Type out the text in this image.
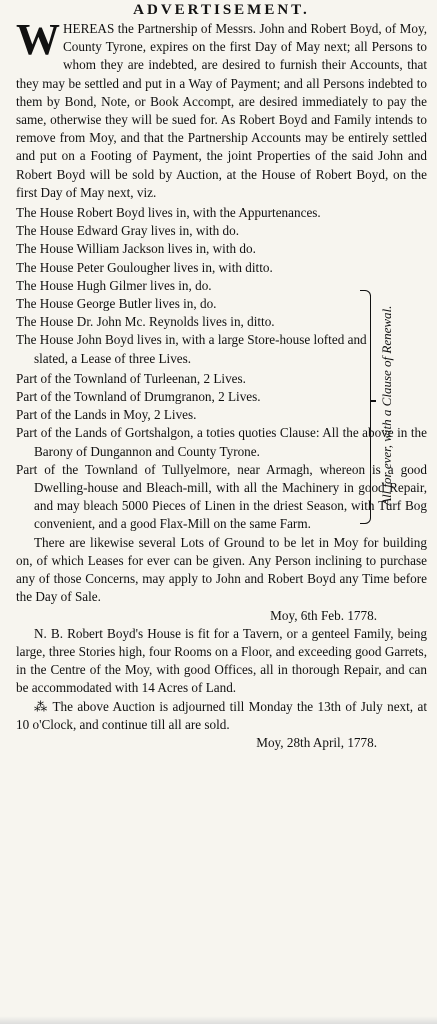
ADVERTISEMENT.

WHEREAS the Partnership of Messrs. John and Robert Boyd, of Moy, County Tyrone, expires on the first Day of May next; all Persons to whom they are indebted, are desired to furnish their Accounts, that they may be settled and put in a Way of Payment; and all Persons indebted to them by Bond, Note, or Book Accompt, are desired immediately to pay the same, otherwise they will be sued for. As Robert Boyd and Family intends to remove from Moy, and that the Partnership Accounts may be entirely settled and put on a Footing of Payment, the joint Properties of the said John and Robert Boyd will be sold by Auction, at the House of Robert Boyd, on the first Day of May next, viz.

The House Robert Boyd lives in, with the Appurtenances.

The House Edward Gray lives in, with do.

The House William Jackson lives in, with do.

The House Peter Goulougher lives in, with ditto.

The House Hugh Gilmer lives in, do.

The House George Butler lives in, do.

The House Dr. John Mc. Reynolds lives in, ditto.

The House John Boyd lives in, with a large Store-house lofted and slated, a Lease of three Lives.	All for ever, with a Clause of Renewal.

Part of the Townland of Turleenan, 2 Lives.

Part of the Townland of Drumgranon, 2 Lives.

Part of the Lands in Moy, 2 Lives.

Part of the Lands of Gortshalgon, a toties quoties Clause: All the above in the Barony of Dungannon and County Tyrone.

Part of the Townland of Tullyelmore, near Armagh, whereon is a good Dwelling-house and Bleach-mill, with all the Machinery in good Repair, and may bleach 5000 Pieces of Linen in the driest Season, with Turf Bog convenient, and a good Flax-Mill on the same Farm.

There are likewise several Lots of Ground to be let in Moy for building on, of which Leases for ever can be given. Any Person inclining to purchase any of those Concerns, may apply to John and Robert Boyd any Time before the Day of Sale.

Moy, 6th Feb. 1778.

N. B. Robert Boyd's House is fit for a Tavern, or a genteel Family, being large, three Stories high, four Rooms on a Floor, and exceeding good Garrets, in the Centre of the Moy, with good Offices, all in thorough Repair, and can be accommodated with 14 Acres of Land.

⁂ The above Auction is adjourned till Monday the 13th of July next, at 10 o'Clock, and continue till all are sold.

Moy, 28th April, 1778.
